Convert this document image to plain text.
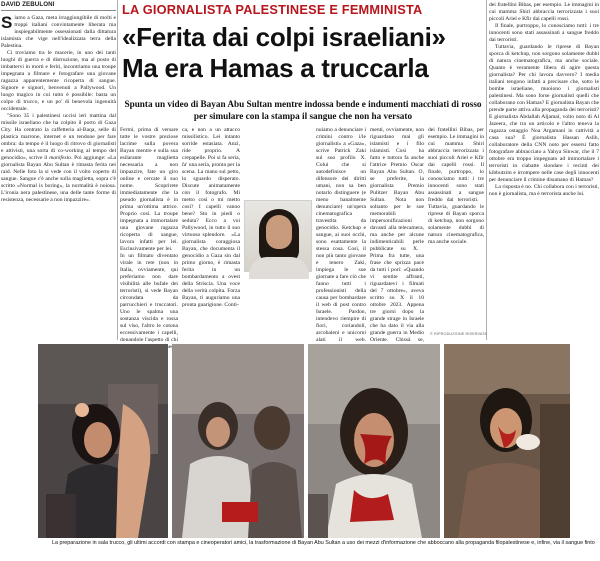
DAVID ZEBULONI

Siamo a Gaza, meta irraggiungibile di molti e troppi italiani convintamente liberata ma inspiegabilmente ossessionati dalla dittatura islamista che vige nell'idealizzata terra della Palestina.

Ci troviamo tra le macerie, in uno dei tanti luoghi di guerra e di distruzione, ma al posto di imbattervi in morti e feriti, incontriamo una troupe impegnata a filmare e fotografare una giovane ragazza apparentemente ricoperta di sangue. Signore e signori, benvenuti a Pallywood. Un luogo magico in cui tutto è possibile: basta un colpo di trucco, e un po' di benevola ingenuità occidentale.

"Sono 35 i palestinesi uccisi ieri mattina dal missile israeliano che ha colpito il porto di Gaza City. Ha centrato la caffetteria al-Baqa, selle di plastica marrone, internet e un tendone per fare ombra: da tempo è il luogo di ritrovo di giornalisti e attivisti, una sorta di co-working al tempo del genocidio», scrive il manifesto. Poi aggiunge: «La giornalista Bayan Abu Sultan è rimasta ferita nei raid. Nelle foto la si vede con il volto coperto di sangue. Sangue c'è anche sulla maglietta, sopra c'è scritto «Normal is boring», la normalità è noiosa. L'ironia nera palestinese, una delle tante forme di resistenza, necessarie a non impazzire».

LA GIORNALISTA PALESTINESE E FEMMINISTA
«Ferita dai colpi israeliani»
Ma era Hamas a truccarla
Spunta un video di Bayan Abu Sultan mentre indossa bende e indumenti macchiati di rosso per simulare con la stampa il sangue che non ha versato
Fermi, prima di versare tutte le vostre preziose lacrime sulla povera Bayan mentre e sulla sua esilarante maglietta necessaria a non impazzire, fate un giro online e cercate il suo nome. Scoprirete immediatamente che la pseudo giornalista è in prima un'ottima attrice. Proprio così. La troupe impegnata a immortalare una giovane ragazza ricoperta di sangue, lavora infatti per lei. Esclusivamente per lei. In un filmato diventato virale in rete (non in Italia, ovviamente, qui preferiamo non dare visibilità alle bufale dei terroristi), si vede Bayan circondata da parrucchieri e truccatori. Uno le spalma una sostanza viscida e rossa sul viso, l'altro le cotona eccessivamente i capelli, donandole l'aspetto di chi
ca, e non a un attacco missilistico. Lei intanto sorride estasiata. Anzi, ride proprio. A crepapelle. Poi si fa seria, fa' una seria, pronta per la scena. La mano sul petto, lo sguardo disperato. Discute animatamente con il fotografo. Mi metto così o mi metto così? I capelli vanno bene? Sto in piedi o seduta? Ecco a voi Pallywood, in tutto il suo virtuoso splendore. «La giornalista coraggiosa Bayan, che documenta il genocidio a Gaza sin dal primo giorno, è rimasta ferita in un bombardamento a ovest della Striscia. Una voce della verità colpita. Forza Bayan, ti auguriamo una pronta guarigione. Conti-
nuiamo a denunciare i crimini contro i/le giornalisti» a «Gaza», scrive Patrick Zaki sul suo profilo X. Colui che si autodefinisce un difensore dei diritti umani, non sa ben notarlo distinguere (e meno banalmente denunciare) un'opera cinematografica travestita da genocidio. Ketchup e sangue, ai suoi occhi, sono esattamente la stessa cosa. Così, il non più tanto giovane e tenero Zaki, impiega le sue giornate a fare ciò che fanno tutti i professionisti della causa per bombardare il web di post contro Israele. Pardon, intendevo riempire di fiori, coriandoli, arcobaleni e unicorni alati il web.
menti, ovviamente, non riguardano mai gli islamisti e i filo islamisti. Così ha fatto e tuttora fa anche l'attrice Premio Oscar Bayan Abu Sultan. O, se preferite, la giornalista Premio Pulitzer Bayan Abu Sultan. Nota non soltanto per le sue memorabili impersonificazioni davanti alla telecamera, ma anche per alcune indimenticabili perle pubblicate su X. Prima fra tutte, una frase che sprizza pace da tutti i pori: «Quando vi sentite affranti, riguardatevi i filmati del 7 ottobre», aveva scritto su X il 10 ottobre 2023. Appena tre giorni dopo la grande strage in Israele che ha dato il via alla grande guerra in Medio Oriente. Chissà se,
dei fratellini Bibas, per esempio. Le immagini in cui mamma Shiri abbraccia terrorizzata i suoi piccoli Ariel e Kfir dai capelli rossi. Il finale, purtroppo, lo conosciamo tutti: i tre innocenti sono stati assassinati a sangue freddo dai terroristi. Tuttavia, guardando le riprese di Bayan sporca di ketchup, non sorgono solamente dubbi di natura cinematografica, ma anche sociale.

dei fratellini Bibas, per esempio. Le immagini in cui mamma Shiri abbraccia terrorizzata i suoi piccoli Ariel e Kfir dai capelli rossi.

Il finale, purtroppo, lo conosciamo tutti: i tre innocenti sono stati assassinati a sangue freddo dai terroristi.

Tuttavia, guardando le riprese di Bayan sporca di ketchup, non sorgono solamente dubbi di natura cinematografica, ma anche sociale. Quanto è veramente libera di agire questa giornalista? Per chi lavora davvero? I media italiani tengono infatti a precisare che, sotto le bombe israeliane, muoiono i giornalisti palestinesi. Ma sono forse giornalisti quelli che collaborano con Hamas? E giornalista Bayan che prende parte attiva alla propaganda dei terroristi? E giornalista Abdallah Aljamal, volto noto di Al Jazeera, che tra un articolo e l'altro teneva la ragazza ostaggio Noa Argamani in cattività a casa sua? È giornalista Hassan Aslih, collaboratore della CNN noto per essersi fatto fotografare abbracciato a Yahya Sinwar, che il 7 ottobre era troppo impegnato ad immortalare i terroristi in ciabatte slondare i recinti dei kibbutzim e irrompere nelle case degli innocenti per denunciare il crimine disumano di Hamas?

La risposta è no. Chi collabora con i terroristi, non è giornalista, ma è terrorista anche lui.

© RIPRODUZIONE RISERVATA
La preparazione in sala trucco, gli ultimi accordi con stampa e cineoperatori amici, la trasformazione di Bayan Abu Sultan a uso dei mezzi d'informazione che abboccano alla propaganda filopalestinese e, infine, via il sangue finto
